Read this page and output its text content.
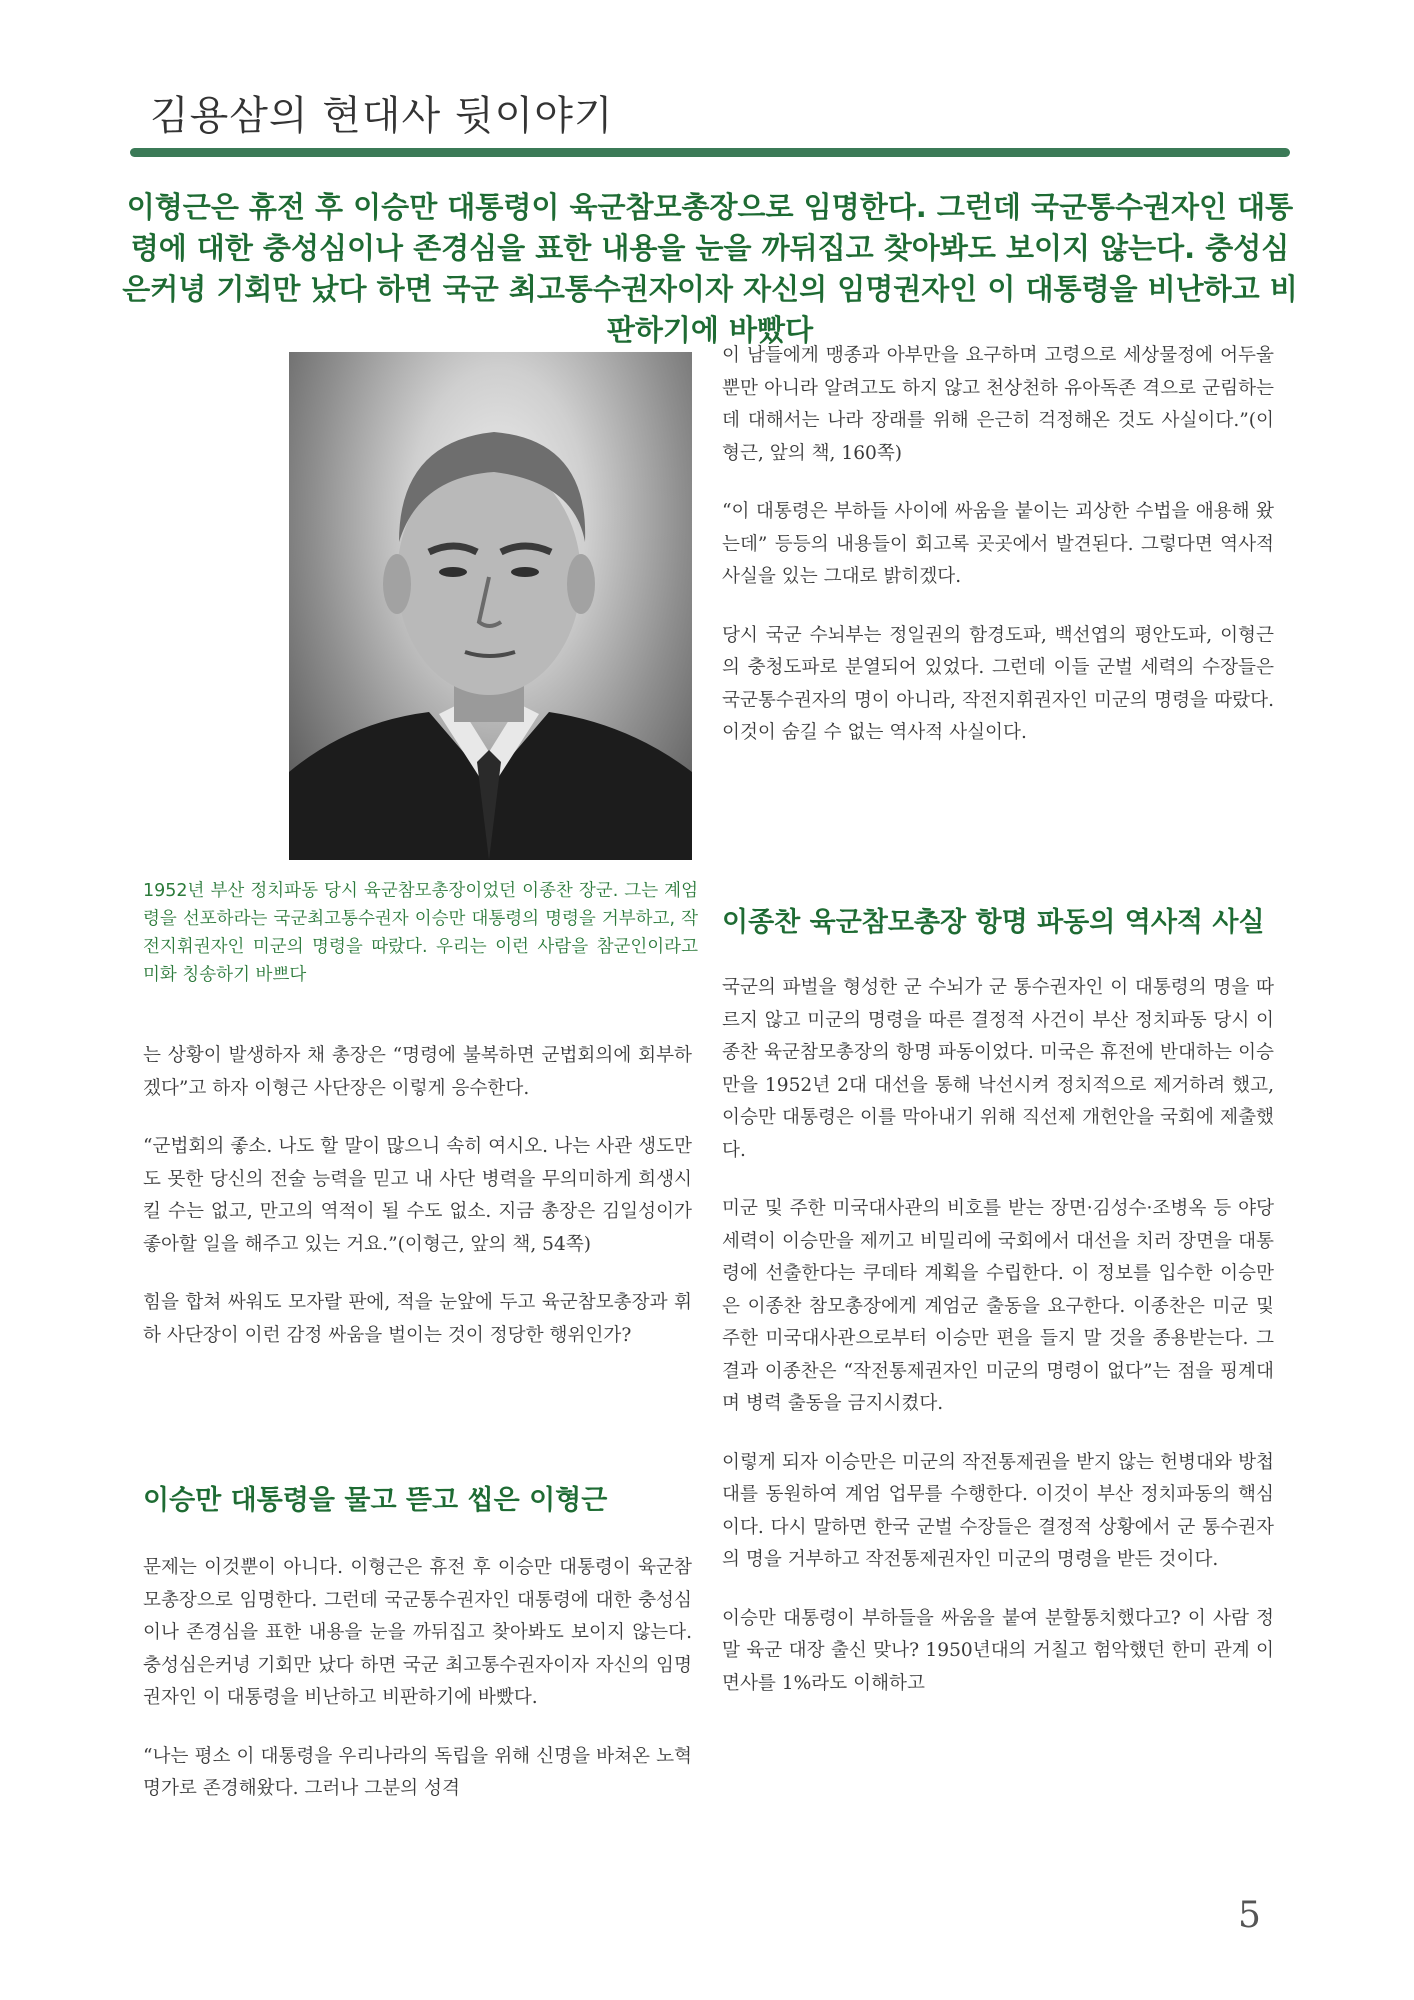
김용삼의 현대사 뒷이야기
이형근은 휴전 후 이승만 대통령이 육군참모총장으로 임명한다. 그런데 국군통수권자인 대통령에 대한 충성심이나 존경심을 표한 내용을 눈을 까뒤집고 찾아봐도 보이지 않는다. 충성심은커녕 기회만 났다 하면 국군 최고통수권자이자 자신의 임명권자인 이 대통령을 비난하고 비판하기에 바빴다
1952년 부산 정치파동 당시 육군참모총장이었던 이종찬 장군. 그는 계엄령을 선포하라는 국군최고통수권자 이승만 대통령의 명령을 거부하고, 작전지휘권자인 미군의 명령을 따랐다. 우리는 이런 사람을 참군인이라고 미화 칭송하기 바쁘다

는 상황이 발생하자 채 총장은 “명령에 불복하면 군법회의에 회부하겠다”고 하자 이형근 사단장은 이렇게 응수한다.

“군법회의 좋소. 나도 할 말이 많으니 속히 여시오. 나는 사관 생도만도 못한 당신의 전술 능력을 믿고 내 사단 병력을 무의미하게 희생시킬 수는 없고, 만고의 역적이 될 수도 없소. 지금 총장은 김일성이가 좋아할 일을 해주고 있는 거요.”(이형근, 앞의 책, 54쪽)

힘을 합쳐 싸워도 모자랄 판에, 적을 눈앞에 두고 육군참모총장과 휘하 사단장이 이런 감정 싸움을 벌이는 것이 정당한 행위인가?

이승만 대통령을 물고 뜯고 씹은 이형근

문제는 이것뿐이 아니다. 이형근은 휴전 후 이승만 대통령이 육군참모총장으로 임명한다. 그런데 국군통수권자인 대통령에 대한 충성심이나 존경심을 표한 내용을 눈을 까뒤집고 찾아봐도 보이지 않는다. 충성심은커녕 기회만 났다 하면 국군 최고통수권자이자 자신의 임명권자인 이 대통령을 비난하고 비판하기에 바빴다.

“나는 평소 이 대통령을 우리나라의 독립을 위해 신명을 바쳐온 노혁명가로 존경해왔다. 그러나 그분의 성격

이 남들에게 맹종과 아부만을 요구하며 고령으로 세상물정에 어두울 뿐만 아니라 알려고도 하지 않고 천상천하 유아독존 격으로 군림하는 데 대해서는 나라 장래를 위해 은근히 걱정해온 것도 사실이다.”(이형근, 앞의 책, 160쪽)

“이 대통령은 부하들 사이에 싸움을 붙이는 괴상한 수법을 애용해 왔는데” 등등의 내용들이 회고록 곳곳에서 발견된다. 그렇다면 역사적 사실을 있는 그대로 밝히겠다.

당시 국군 수뇌부는 정일권의 함경도파, 백선엽의 평안도파, 이형근의 충청도파로 분열되어 있었다. 그런데 이들 군벌 세력의 수장들은 국군통수권자의 명이 아니라, 작전지휘권자인 미군의 명령을 따랐다. 이것이 숨길 수 없는 역사적 사실이다.

이종찬 육군참모총장 항명 파동의 역사적 사실

국군의 파벌을 형성한 군 수뇌가 군 통수권자인 이 대통령의 명을 따르지 않고 미군의 명령을 따른 결정적 사건이 부산 정치파동 당시 이종찬 육군참모총장의 항명 파동이었다. 미국은 휴전에 반대하는 이승만을 1952년 2대 대선을 통해 낙선시켜 정치적으로 제거하려 했고, 이승만 대통령은 이를 막아내기 위해 직선제 개헌안을 국회에 제출했다.

미군 및 주한 미국대사관의 비호를 받는 장면·김성수·조병옥 등 야당 세력이 이승만을 제끼고 비밀리에 국회에서 대선을 치러 장면을 대통령에 선출한다는 쿠데타 계획을 수립한다. 이 정보를 입수한 이승만은 이종찬 참모총장에게 계엄군 출동을 요구한다. 이종찬은 미군 및 주한 미국대사관으로부터 이승만 편을 들지 말 것을 종용받는다. 그 결과 이종찬은 “작전통제권자인 미군의 명령이 없다”는 점을 핑계대며 병력 출동을 금지시켰다.

이렇게 되자 이승만은 미군의 작전통제권을 받지 않는 헌병대와 방첩대를 동원하여 계엄 업무를 수행한다. 이것이 부산 정치파동의 핵심이다. 다시 말하면 한국 군벌 수장들은 결정적 상황에서 군 통수권자의 명을 거부하고 작전통제권자인 미군의 명령을 받든 것이다.

이승만 대통령이 부하들을 싸움을 붙여 분할통치했다고? 이 사람 정말 육군 대장 출신 맞나? 1950년대의 거칠고 험악했던 한미 관계 이면사를 1%라도 이해하고

5
